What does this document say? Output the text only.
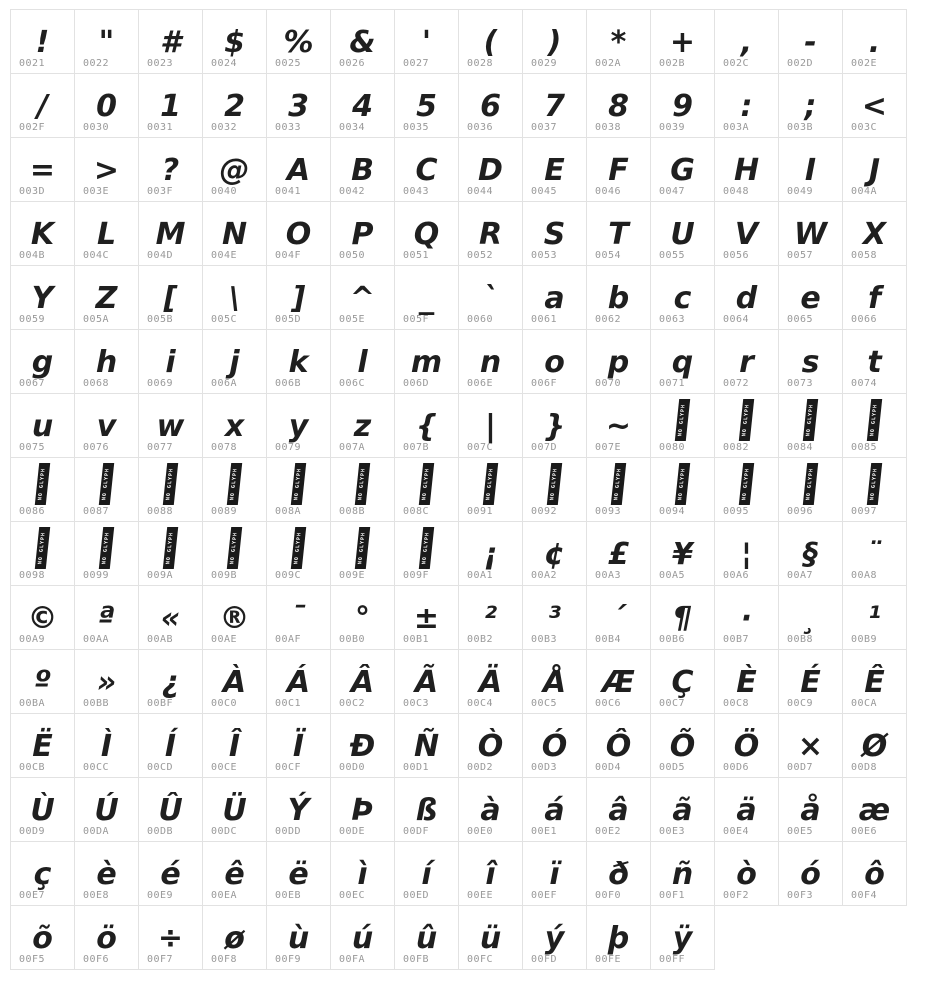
!
0021
"
0022
#
0023
$
0024
%
0025
&
0026
'
0027
(
0028
)
0029
*
002A
+
002B
,
002C
-
002D
.
002E
/
002F
0
0030
1
0031
2
0032
3
0033
4
0034
5
0035
6
0036
7
0037
8
0038
9
0039
:
003A
;
003B
<
003C
=
003D
>
003E
?
003F
@
0040
A
0041
B
0042
C
0043
D
0044
E
0045
F
0046
G
0047
H
0048
I
0049
J
004A
K
004B
L
004C
M
004D
N
004E
O
004F
P
0050
Q
0051
R
0052
S
0053
T
0054
U
0055
V
0056
W
0057
X
0058
Y
0059
Z
005A
[
005B
\
005C
]
005D
^
005E
_
005F
`
0060
a
0061
b
0062
c
0063
d
0064
e
0065
f
0066
g
0067
h
0068
i
0069
j
006A
k
006B
l
006C
m
006D
n
006E
o
006F
p
0070
q
0071
r
0072
s
0073
t
0074
u
0075
v
0076
w
0077
x
0078
y
0079
z
007A
{
007B
|
007C
}
007D
~
007E
NO GLYPH
0080
NO GLYPH
0082
NO GLYPH
0084
NO GLYPH
0085
NO GLYPH
0086
NO GLYPH
0087
NO GLYPH
0088
NO GLYPH
0089
NO GLYPH
008A
NO GLYPH
008B
NO GLYPH
008C
NO GLYPH
0091
NO GLYPH
0092
NO GLYPH
0093
NO GLYPH
0094
NO GLYPH
0095
NO GLYPH
0096
NO GLYPH
0097
NO GLYPH
0098
NO GLYPH
0099
NO GLYPH
009A
NO GLYPH
009B
NO GLYPH
009C
NO GLYPH
009E
NO GLYPH
009F
¡
00A1
¢
00A2
£
00A3
¥
00A5
¦
00A6
§
00A7
¨
00A8
©
00A9
ª
00AA
«
00AB
®
00AE
¯
00AF
°
00B0
±
00B1
²
00B2
³
00B3
´
00B4
¶
00B6
·
00B7
¸
00B8
¹
00B9
º
00BA
»
00BB
¿
00BF
À
00C0
Á
00C1
Â
00C2
Ã
00C3
Ä
00C4
Å
00C5
Æ
00C6
Ç
00C7
È
00C8
É
00C9
Ê
00CA
Ë
00CB
Ì
00CC
Í
00CD
Î
00CE
Ï
00CF
Ð
00D0
Ñ
00D1
Ò
00D2
Ó
00D3
Ô
00D4
Õ
00D5
Ö
00D6
×
00D7
Ø
00D8
Ù
00D9
Ú
00DA
Û
00DB
Ü
00DC
Ý
00DD
Þ
00DE
ß
00DF
à
00E0
á
00E1
â
00E2
ã
00E3
ä
00E4
å
00E5
æ
00E6
ç
00E7
è
00E8
é
00E9
ê
00EA
ë
00EB
ì
00EC
í
00ED
î
00EE
ï
00EF
ð
00F0
ñ
00F1
ò
00F2
ó
00F3
ô
00F4
õ
00F5
ö
00F6
÷
00F7
ø
00F8
ù
00F9
ú
00FA
û
00FB
ü
00FC
ý
00FD
þ
00FE
ÿ
00FF
